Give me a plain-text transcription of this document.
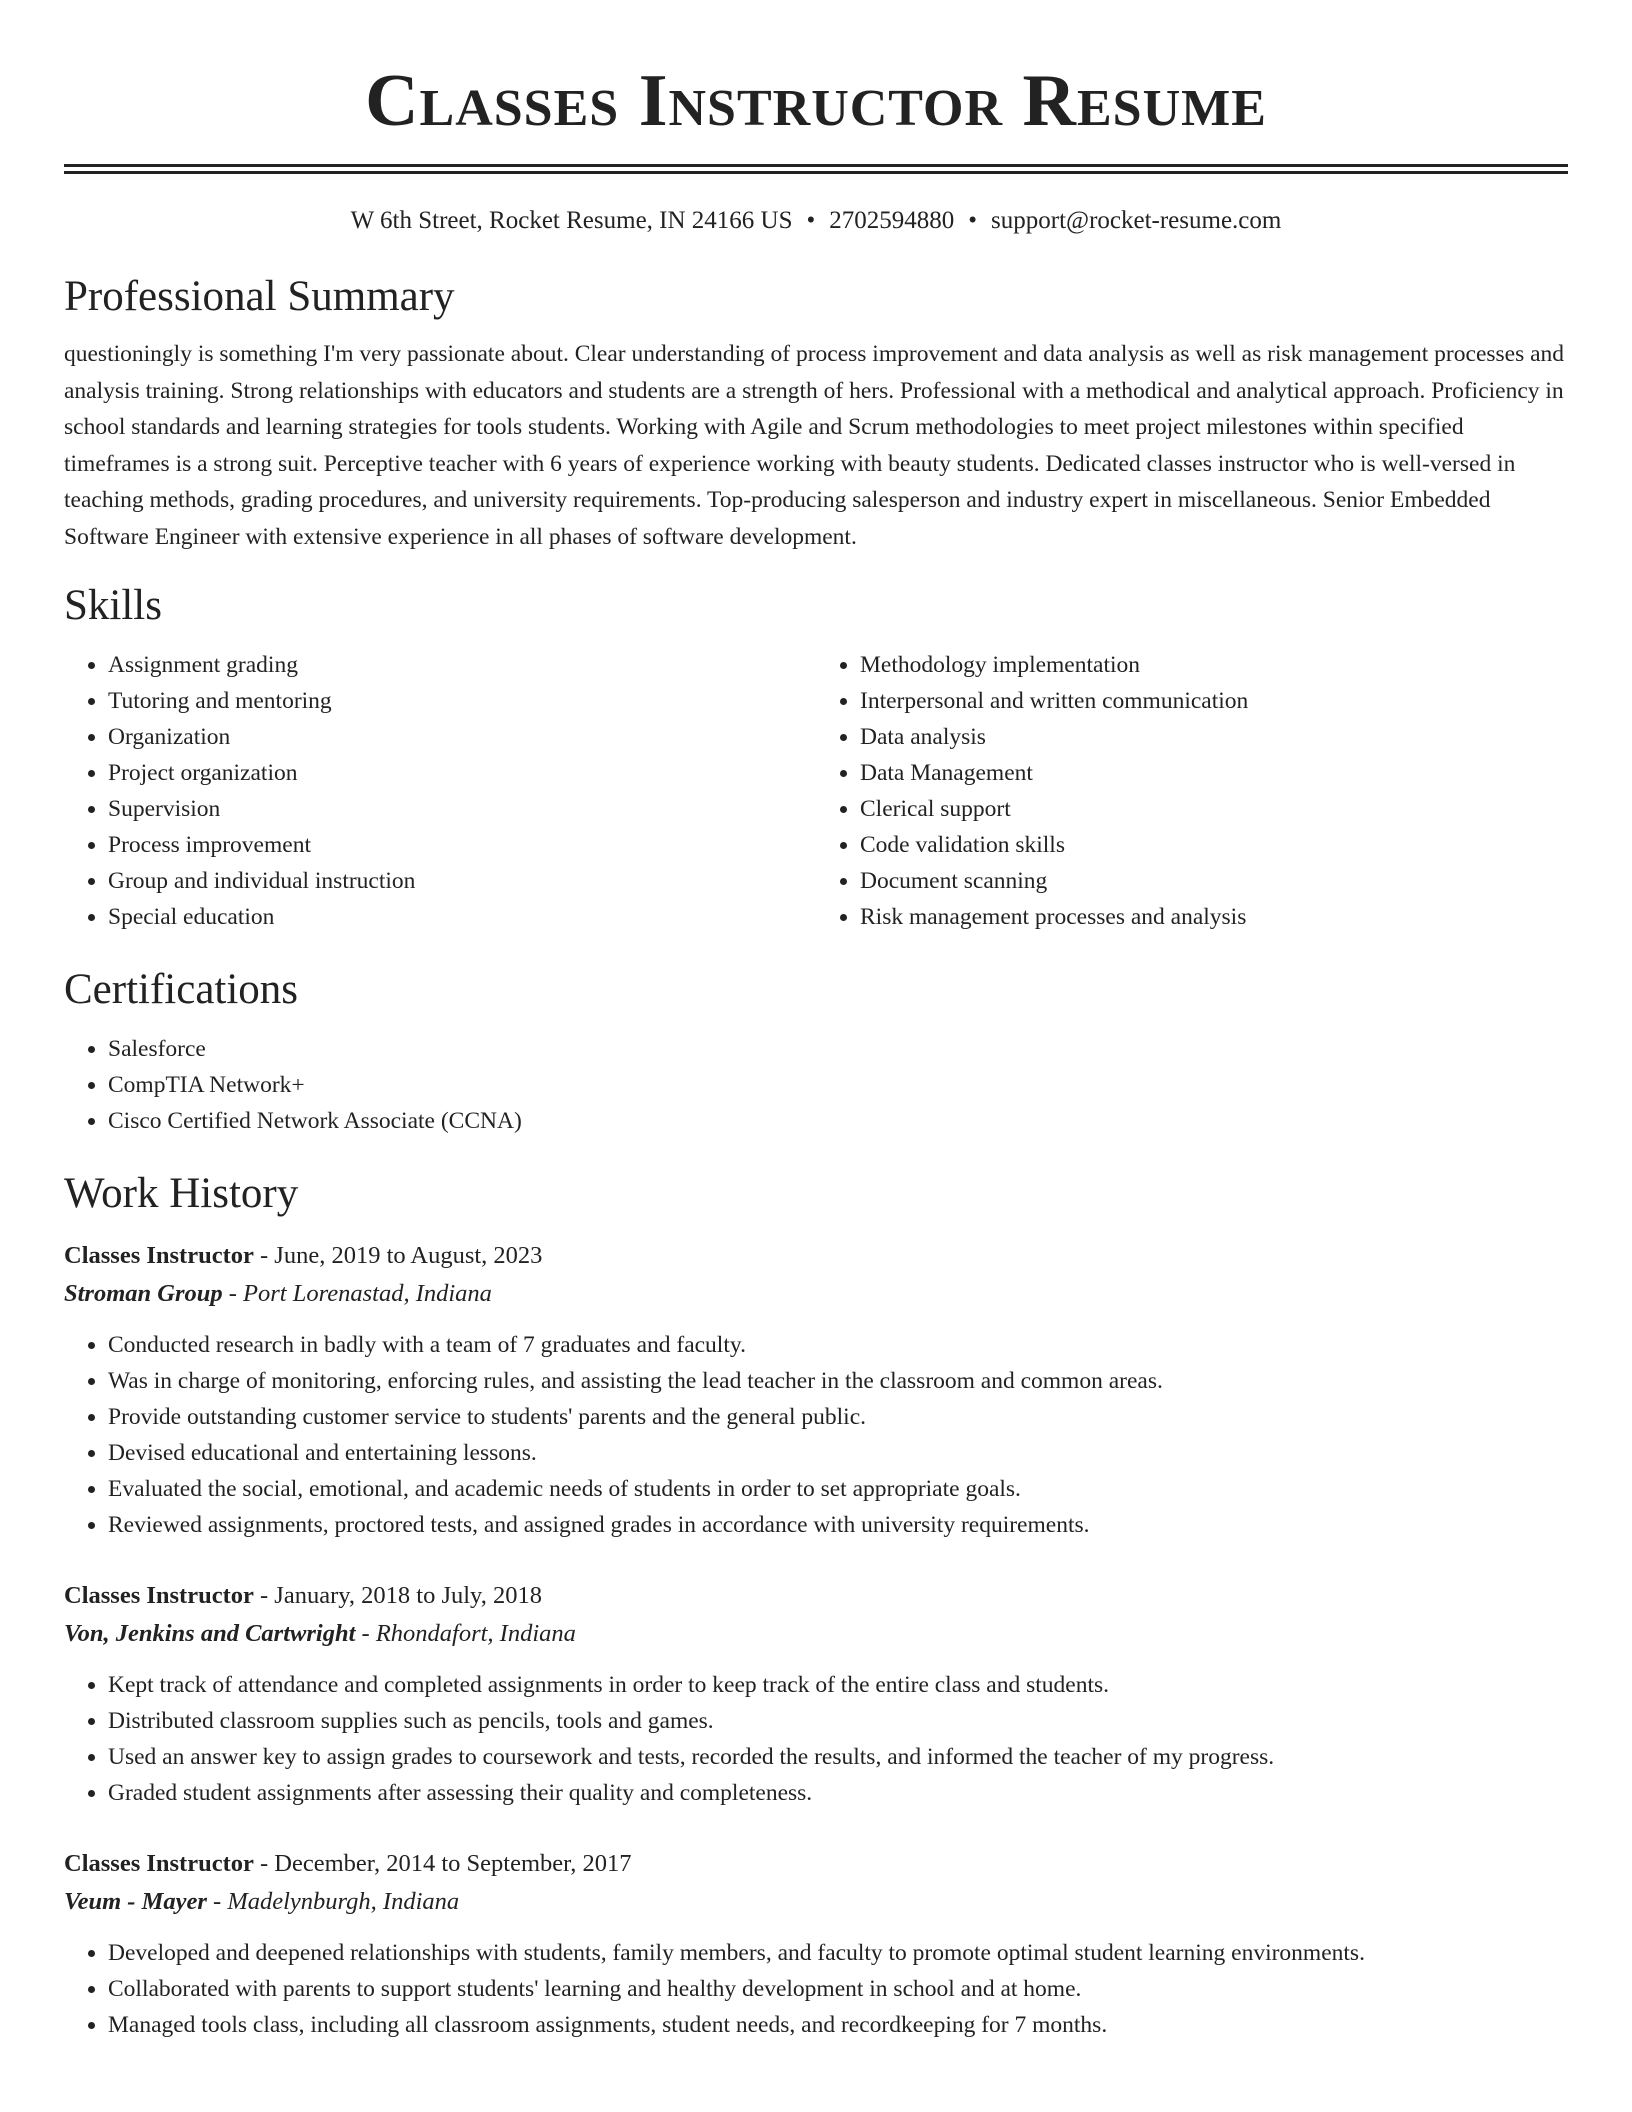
Classes Instructor Resume
W 6th Street, Rocket Resume, IN 24166 US • 2702594880 • support@rocket-resume.com
Professional Summary

questioningly is something I'm very passionate about. Clear understanding of process improvement and data analysis as well as risk management processes and analysis training. Strong relationships with educators and students are a strength of hers. Professional with a methodical and analytical approach. Proficiency in school standards and learning strategies for tools students. Working with Agile and Scrum methodologies to meet project milestones within specified timeframes is a strong suit. Perceptive teacher with 6 years of experience working with beauty students. Dedicated classes instructor who is well-versed in teaching methods, grading procedures, and university requirements. Top-producing salesperson and industry expert in miscellaneous. Senior Embedded Software Engineer with extensive experience in all phases of software development.

Skills
• Assignment grading
• Tutoring and mentoring
• Organization
• Project organization
• Supervision
• Process improvement
• Group and individual instruction
• Special education
• Methodology implementation
• Interpersonal and written communication
• Data analysis
• Data Management
• Clerical support
• Code validation skills
• Document scanning
• Risk management processes and analysis
Certifications
• Salesforce
• CompTIA Network+
• Cisco Certified Network Associate (CCNA)
Work History
Classes Instructor - June, 2019 to August, 2023
Stroman Group - Port Lorenastad, Indiana
• Conducted research in badly with a team of 7 graduates and faculty.
• Was in charge of monitoring, enforcing rules, and assisting the lead teacher in the classroom and common areas.
• Provide outstanding customer service to students' parents and the general public.
• Devised educational and entertaining lessons.
• Evaluated the social, emotional, and academic needs of students in order to set appropriate goals.
• Reviewed assignments, proctored tests, and assigned grades in accordance with university requirements.
Classes Instructor - January, 2018 to July, 2018
Von, Jenkins and Cartwright - Rhondafort, Indiana
• Kept track of attendance and completed assignments in order to keep track of the entire class and students.
• Distributed classroom supplies such as pencils, tools and games.
• Used an answer key to assign grades to coursework and tests, recorded the results, and informed the teacher of my progress.
• Graded student assignments after assessing their quality and completeness.
Classes Instructor - December, 2014 to September, 2017
Veum - Mayer - Madelynburgh, Indiana
• Developed and deepened relationships with students, family members, and faculty to promote optimal student learning environments.
• Collaborated with parents to support students' learning and healthy development in school and at home.
• Managed tools class, including all classroom assignments, student needs, and recordkeeping for 7 months.
